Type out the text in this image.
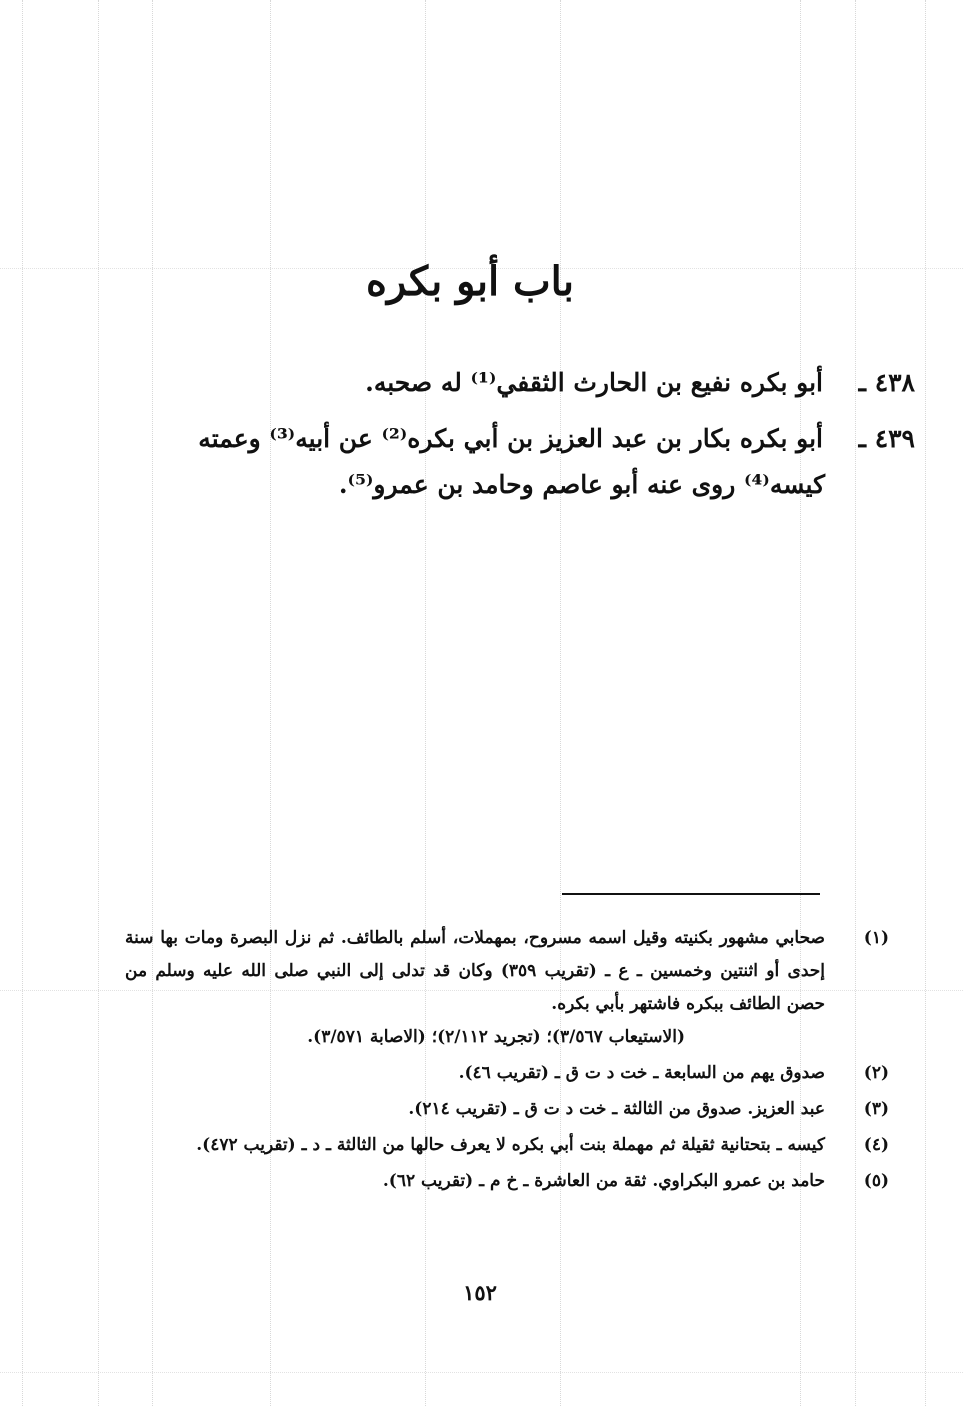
باب أبو بكره
٤٣٨ ـ
أبو بكره نفيع بن الحارث الثقفي⁽¹⁾ له صحبه.
٤٣٩ ـ
أبو بكره بكار بن عبد العزيز بن أبي بكره⁽²⁾ عن أبيه⁽³⁾ وعمته
كيسه⁽⁴⁾ روى عنه أبو عاصم وحامد بن عمرو⁽⁵⁾.
(١)
صحابي مشهور بكنيته وقيل اسمه مسروح، بمهملات، أسلم بالطائف. ثم نزل البصرة ومات بها سنة إحدى أو اثنتين وخمسين ـ ع ـ (تقريب ٣٥٩) وكان قد تدلى إلى النبي صلى الله عليه وسلم من حصن الطائف ببكره فاشتهر بأبي بكره.
(الاستيعاب ٣/٥٦٧)؛ (تجريد ٢/١١٢)؛ (الاصابة ٣/٥٧١).
(٢)
صدوق يهم من السابعة ـ خت د ت ق ـ (تقريب ٤٦).
(٣)
عبد العزيز. صدوق من الثالثة ـ خت د ت ق ـ (تقريب ٢١٤).
(٤)
كيسه ـ بتحتانية ثقيلة ثم مهملة بنت أبي بكره لا يعرف حالها من الثالثة ـ د ـ (تقريب ٤٧٢).
(٥)
حامد بن عمرو البكراوي. ثقة من العاشرة ـ خ م ـ (تقريب ٦٢).
١٥٢
